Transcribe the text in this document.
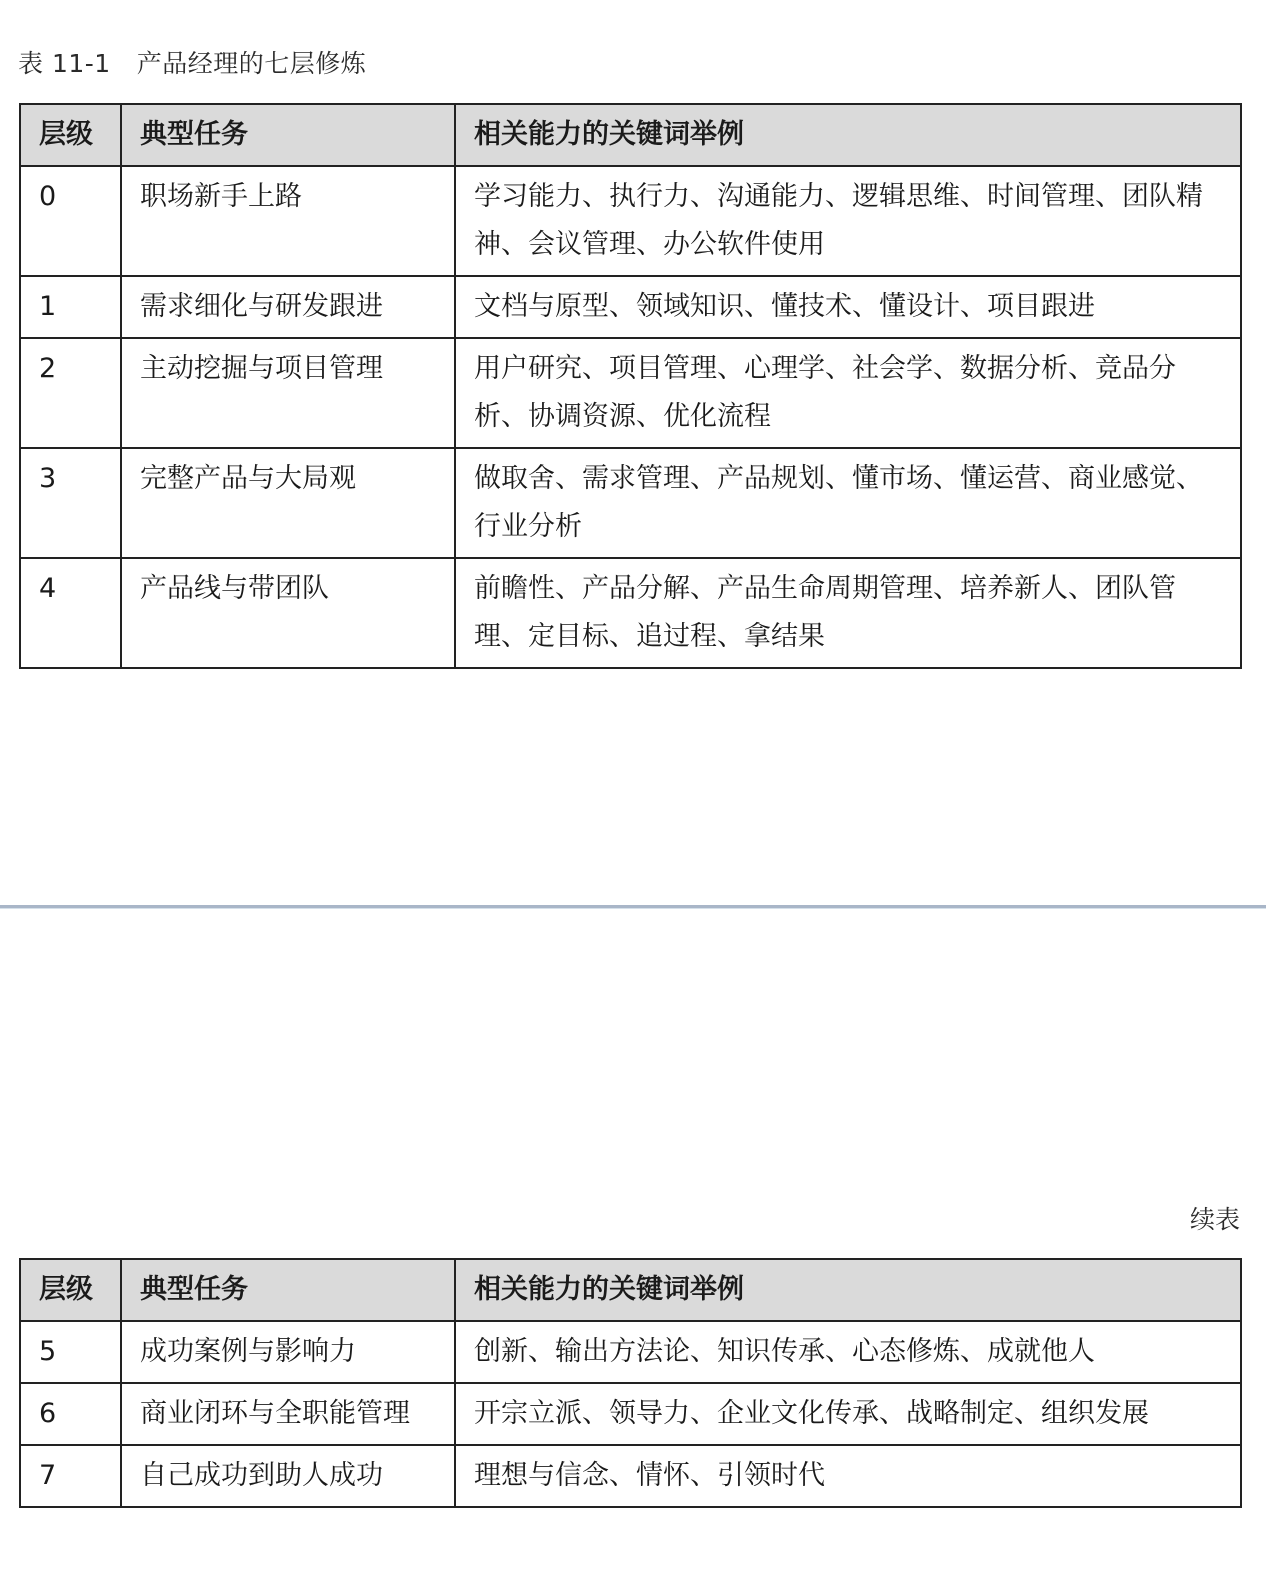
表 11-1 产品经理的七层修炼
层级	典型任务	相关能力的关键词举例
0	职场新手上路	学习能力、执行力、沟通能力、逻辑思维、时间管理、团队精神、会议管理、办公软件使用
1	需求细化与研发跟进	文档与原型、领域知识、懂技术、懂设计、项目跟进
2	主动挖掘与项目管理	用户研究、项目管理、心理学、社会学、数据分析、竞品分析、协调资源、优化流程
3	完整产品与大局观	做取舍、需求管理、产品规划、懂市场、懂运营、商业感觉、行业分析
4	产品线与带团队	前瞻性、产品分解、产品生命周期管理、培养新人、团队管理、定目标、追过程、拿结果
续表
层级	典型任务	相关能力的关键词举例
5	成功案例与影响力	创新、输出方法论、知识传承、心态修炼、成就他人
6	商业闭环与全职能管理	开宗立派、领导力、企业文化传承、战略制定、组织发展
7	自己成功到助人成功	理想与信念、情怀、引领时代
